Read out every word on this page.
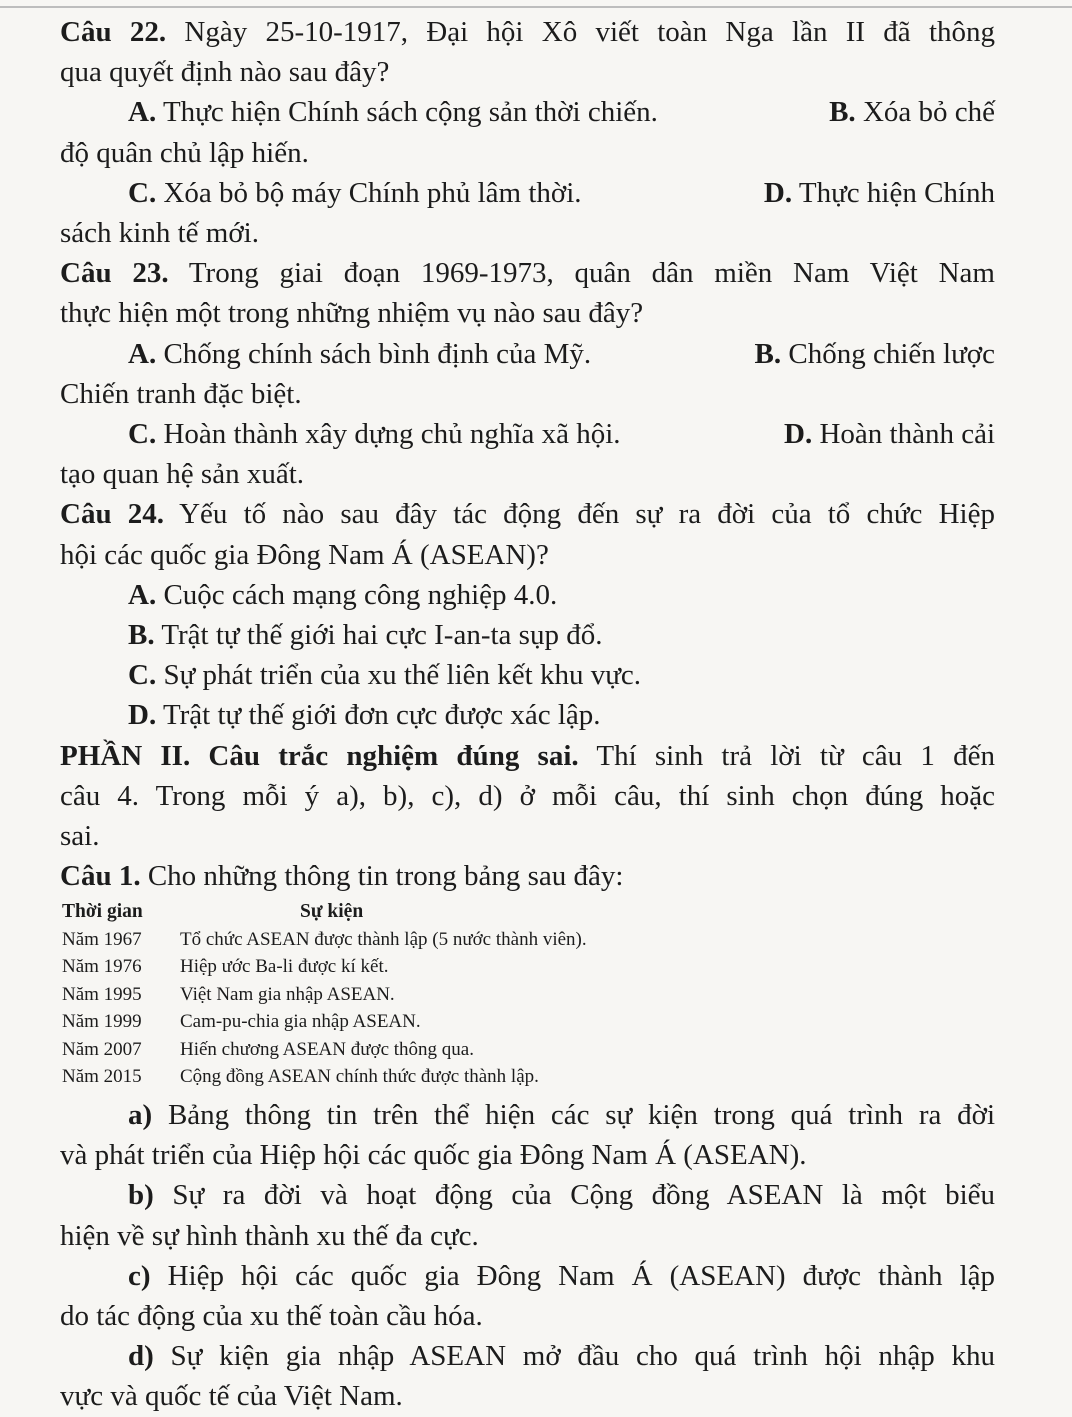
Câu 22. Ngày 25-10-1917, Đại hội Xô viết toàn Nga lần II đã thông

qua quyết định nào sau đây?

A. Thực hiện Chính sách cộng sản thời chiến.	B. Xóa bỏ chế

độ quân chủ lập hiến.

C. Xóa bỏ bộ máy Chính phủ lâm thời.	D. Thực hiện Chính

sách kinh tế mới.

Câu 23. Trong giai đoạn 1969-1973, quân dân miền Nam Việt Nam

thực hiện một trong những nhiệm vụ nào sau đây?

A. Chống chính sách bình định của Mỹ.	B. Chống chiến lược

Chiến tranh đặc biệt.

C. Hoàn thành xây dựng chủ nghĩa xã hội.	D. Hoàn thành cải

tạo quan hệ sản xuất.

Câu 24. Yếu tố nào sau đây tác động đến sự ra đời của tổ chức Hiệp

hội các quốc gia Đông Nam Á (ASEAN)?

A. Cuộc cách mạng công nghiệp 4.0.

B. Trật tự thế giới hai cực I-an-ta sụp đổ.

C. Sự phát triển của xu thế liên kết khu vực.

D. Trật tự thế giới đơn cực được xác lập.

PHẦN II. Câu trắc nghiệm đúng sai. Thí sinh trả lời từ câu 1 đến

câu 4. Trong mỗi ý a), b), c), d) ở mỗi câu, thí sinh chọn đúng hoặc

sai.

Câu 1. Cho những thông tin trong bảng sau đây:

Thời gian	Sự kiện
Năm 1967	Tổ chức ASEAN được thành lập (5 nước thành viên).
Năm 1976	Hiệp ước Ba-li được kí kết.
Năm 1995	Việt Nam gia nhập ASEAN.
Năm 1999	Cam-pu-chia gia nhập ASEAN.
Năm 2007	Hiến chương ASEAN được thông qua.
Năm 2015	Cộng đồng ASEAN chính thức được thành lập.

a) Bảng thông tin trên thể hiện các sự kiện trong quá trình ra đời

và phát triển của Hiệp hội các quốc gia Đông Nam Á (ASEAN).

b) Sự ra đời và hoạt động của Cộng đồng ASEAN là một biểu

hiện về sự hình thành xu thế đa cực.

c) Hiệp hội các quốc gia Đông Nam Á (ASEAN) được thành lập

do tác động của xu thế toàn cầu hóa.

d) Sự kiện gia nhập ASEAN mở đầu cho quá trình hội nhập khu

vực và quốc tế của Việt Nam.
